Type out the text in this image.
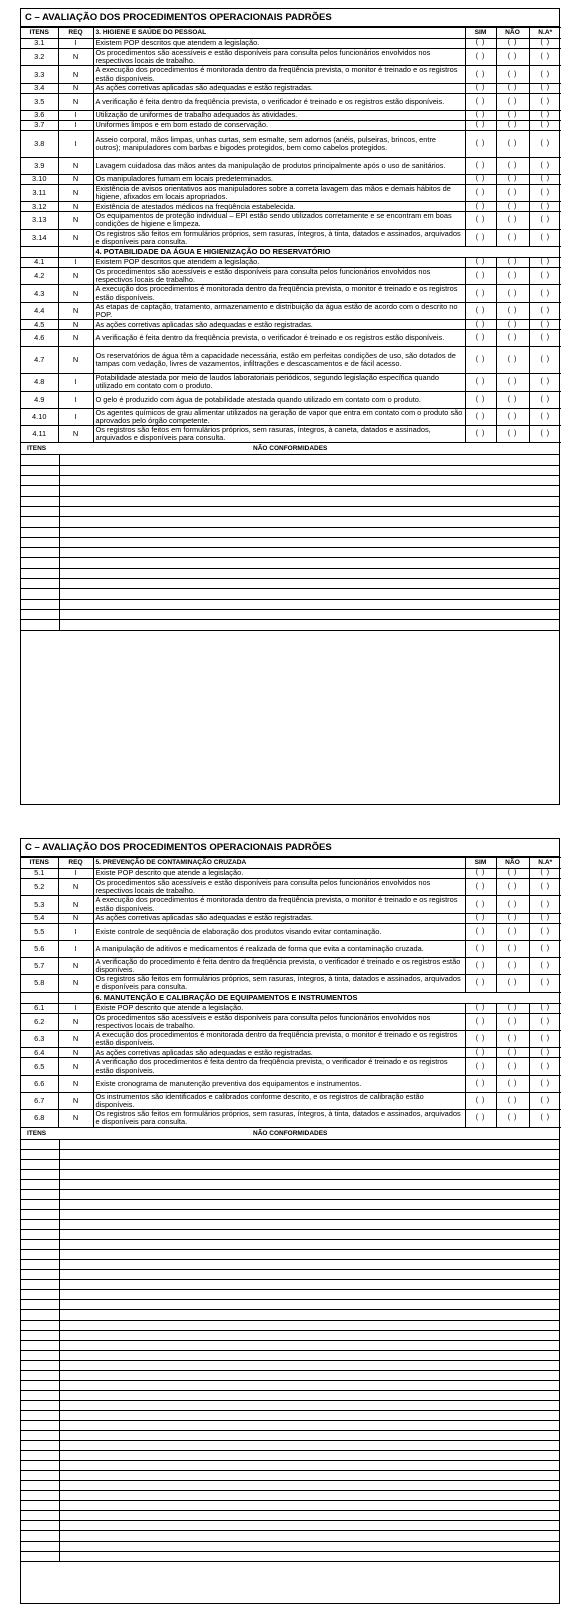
C – AVALIAÇÃO DOS PROCEDIMENTOS OPERACIONAIS PADRÕES
ITENS	REQ	3. HIGIENE E SAÚDE DO PESSOAL	SIM	NÃO	N.A*
3.1	I	Existem POP descritos que atendem a legislação.	( )	( )	( )
3.2	N	Os procedimentos são acessíveis e estão disponíveis para consulta pelos funcionários envolvidos nos respectivos locais de trabalho.	( )	( )	( )
3.3	N	A execução dos procedimentos é monitorada dentro da freqüência prevista, o monitor é treinado e os registros estão disponíveis.	( )	( )	( )
3.4	N	As ações corretivas aplicadas são adequadas e estão registradas.	( )	( )	( )
3.5	N	A verificação é feita dentro da freqüência prevista, o verificador é treinado e os registros estão disponíveis.	( )	( )	( )
3.6	I	Utilização de uniformes de trabalho adequados às atividades.	( )	( )	( )
3.7	I	Uniformes limpos e em bom estado de conservação.	( )	( )	( )
3.8	I	Asseio corporal, mãos limpas, unhas curtas, sem esmalte, sem adornos (anéis, pulseiras, brincos, entre outros); manipuladores com barbas e bigodes protegidos, bem como cabelos protegidos.	( )	( )	( )
3.9	N	Lavagem cuidadosa das mãos antes da manipulação de produtos principalmente após o uso de sanitários.	( )	( )	( )
3.10	N	Os manipuladores fumam em locais predeterminados.	( )	( )	( )
3.11	N	Existência de avisos orientativos aos manipuladores sobre a correta lavagem das mãos e demais hábitos de higiene, afixados em locais apropriados.	( )	( )	( )
3.12	N	Existência de atestados médicos na freqüência estabelecida.	( )	( )	( )
3.13	N	Os equipamentos de proteção individual – EPI estão sendo utilizados corretamente e se encontram em boas condições de higiene e limpeza.	( )	( )	( )
3.14	N	Os registros são feitos em formulários próprios, sem rasuras, íntegros, à tinta, datados e assinados, arquivados e disponíveis para consulta.	( )	( )	( )
		4. POTABILIDADE DA ÁGUA E HIGIENIZAÇÃO DO RESERVATÓRIO			
4.1	I	Existem POP descritos que atendem a legislação.	( )	( )	( )
4.2	N	Os procedimentos são acessíveis e estão disponíveis para consulta pelos funcionários envolvidos nos respectivos locais de trabalho.	( )	( )	( )
4.3	N	A execução dos procedimentos é monitorada dentro da freqüência prevista, o monitor é treinado e os registros estão disponíveis.	( )	( )	( )
4.4	N	As etapas de captação, tratamento, armazenamento e distribuição da água estão de acordo com o descrito no POP.	( )	( )	( )
4.5	N	As ações corretivas aplicadas são adequadas e estão registradas.	( )	( )	( )
4.6	N	A verificação é feita dentro da freqüência prevista, o verificador é treinado e os registros estão disponíveis.	( )	( )	( )
4.7	N	Os reservatórios de água têm a capacidade necessária, estão em perfeitas condições de uso, são dotados de tampas com vedação, livres de vazamentos, infiltrações e descascamentos e de fácil acesso.	( )	( )	( )
4.8	I	Potabilidade atestada por meio de laudos laboratoriais periódicos, segundo legislação específica quando utilizado em contato com o produto.	( )	( )	( )
4.9	I	O gelo é produzido com água de potabilidade atestada quando utilizado em contato com o produto.	( )	( )	( )
4.10	I	Os agentes químicos de grau alimentar utilizados na geração de vapor que entra em contato com o produto são aprovados pelo órgão competente.	( )	( )	( )
4.11	N	Os registros são feitos em formulários próprios, sem rasuras, íntegros, à caneta, datados e assinados, arquivados e disponíveis para consulta.	( )	( )	( )
ITENS	NÃO CONFORMIDADES
C – AVALIAÇÃO DOS PROCEDIMENTOS OPERACIONAIS PADRÕES
ITENS	REQ	5. PREVENÇÃO DE CONTAMINAÇÃO CRUZADA	SIM	NÃO	N.A*
5.1	I	Existe POP descrito que atende a legislação.	( )	( )	( )
5.2	N	Os procedimentos são acessíveis e estão disponíveis para consulta pelos funcionários envolvidos nos respectivos locais de trabalho.	( )	( )	( )
5.3	N	A execução dos procedimentos é monitorada dentro da freqüência prevista, o monitor é treinado e os registros estão disponíveis.	( )	( )	( )
5.4	N	As ações corretivas aplicadas são adequadas e estão registradas.	( )	( )	( )
5.5	I	Existe controle de seqüência de elaboração dos produtos visando evitar contaminação.	( )	( )	( )
5.6	I	A manipulação de aditivos e medicamentos é realizada de forma que evita a contaminação cruzada.	( )	( )	( )
5.7	N	A verificação do procedimento é feita dentro da freqüência prevista, o verificador é treinado e os registros estão disponíveis.	( )	( )	( )
5.8	N	Os registros são feitos em formulários próprios, sem rasuras, íntegros, à tinta, datados e assinados, arquivados e disponíveis para consulta.	( )	( )	( )
		6. MANUTENÇÃO E CALIBRAÇÃO DE EQUIPAMENTOS E INSTRUMENTOS			
6.1	I	Existe POP descrito que atende a legislação.	( )	( )	( )
6.2	N	Os procedimentos são acessíveis e estão disponíveis para consulta pelos funcionários envolvidos nos respectivos locais de trabalho.	( )	( )	( )
6.3	N	A execução dos procedimentos é monitorada dentro da freqüência prevista, o monitor é treinado e os registros estão disponíveis.	( )	( )	( )
6.4	N	As ações corretivas aplicadas são adequadas e estão registradas.	( )	( )	( )
6.5	N	A verificação dos procedimentos é feita dentro da freqüência prevista, o verificador é treinado e os registros estão disponíveis.	( )	( )	( )
6.6	N	Existe cronograma de manutenção preventiva dos equipamentos e instrumentos.	( )	( )	( )
6.7	N	Os instrumentos são identificados e calibrados conforme descrito, e os registros de calibração estão disponíveis.	( )	( )	( )
6.8	N	Os registros são feitos em formulários próprios, sem rasuras, íntegros, à tinta, datados e assinados, arquivados e disponíveis para consulta.	( )	( )	( )
ITENS	NÃO CONFORMIDADES
